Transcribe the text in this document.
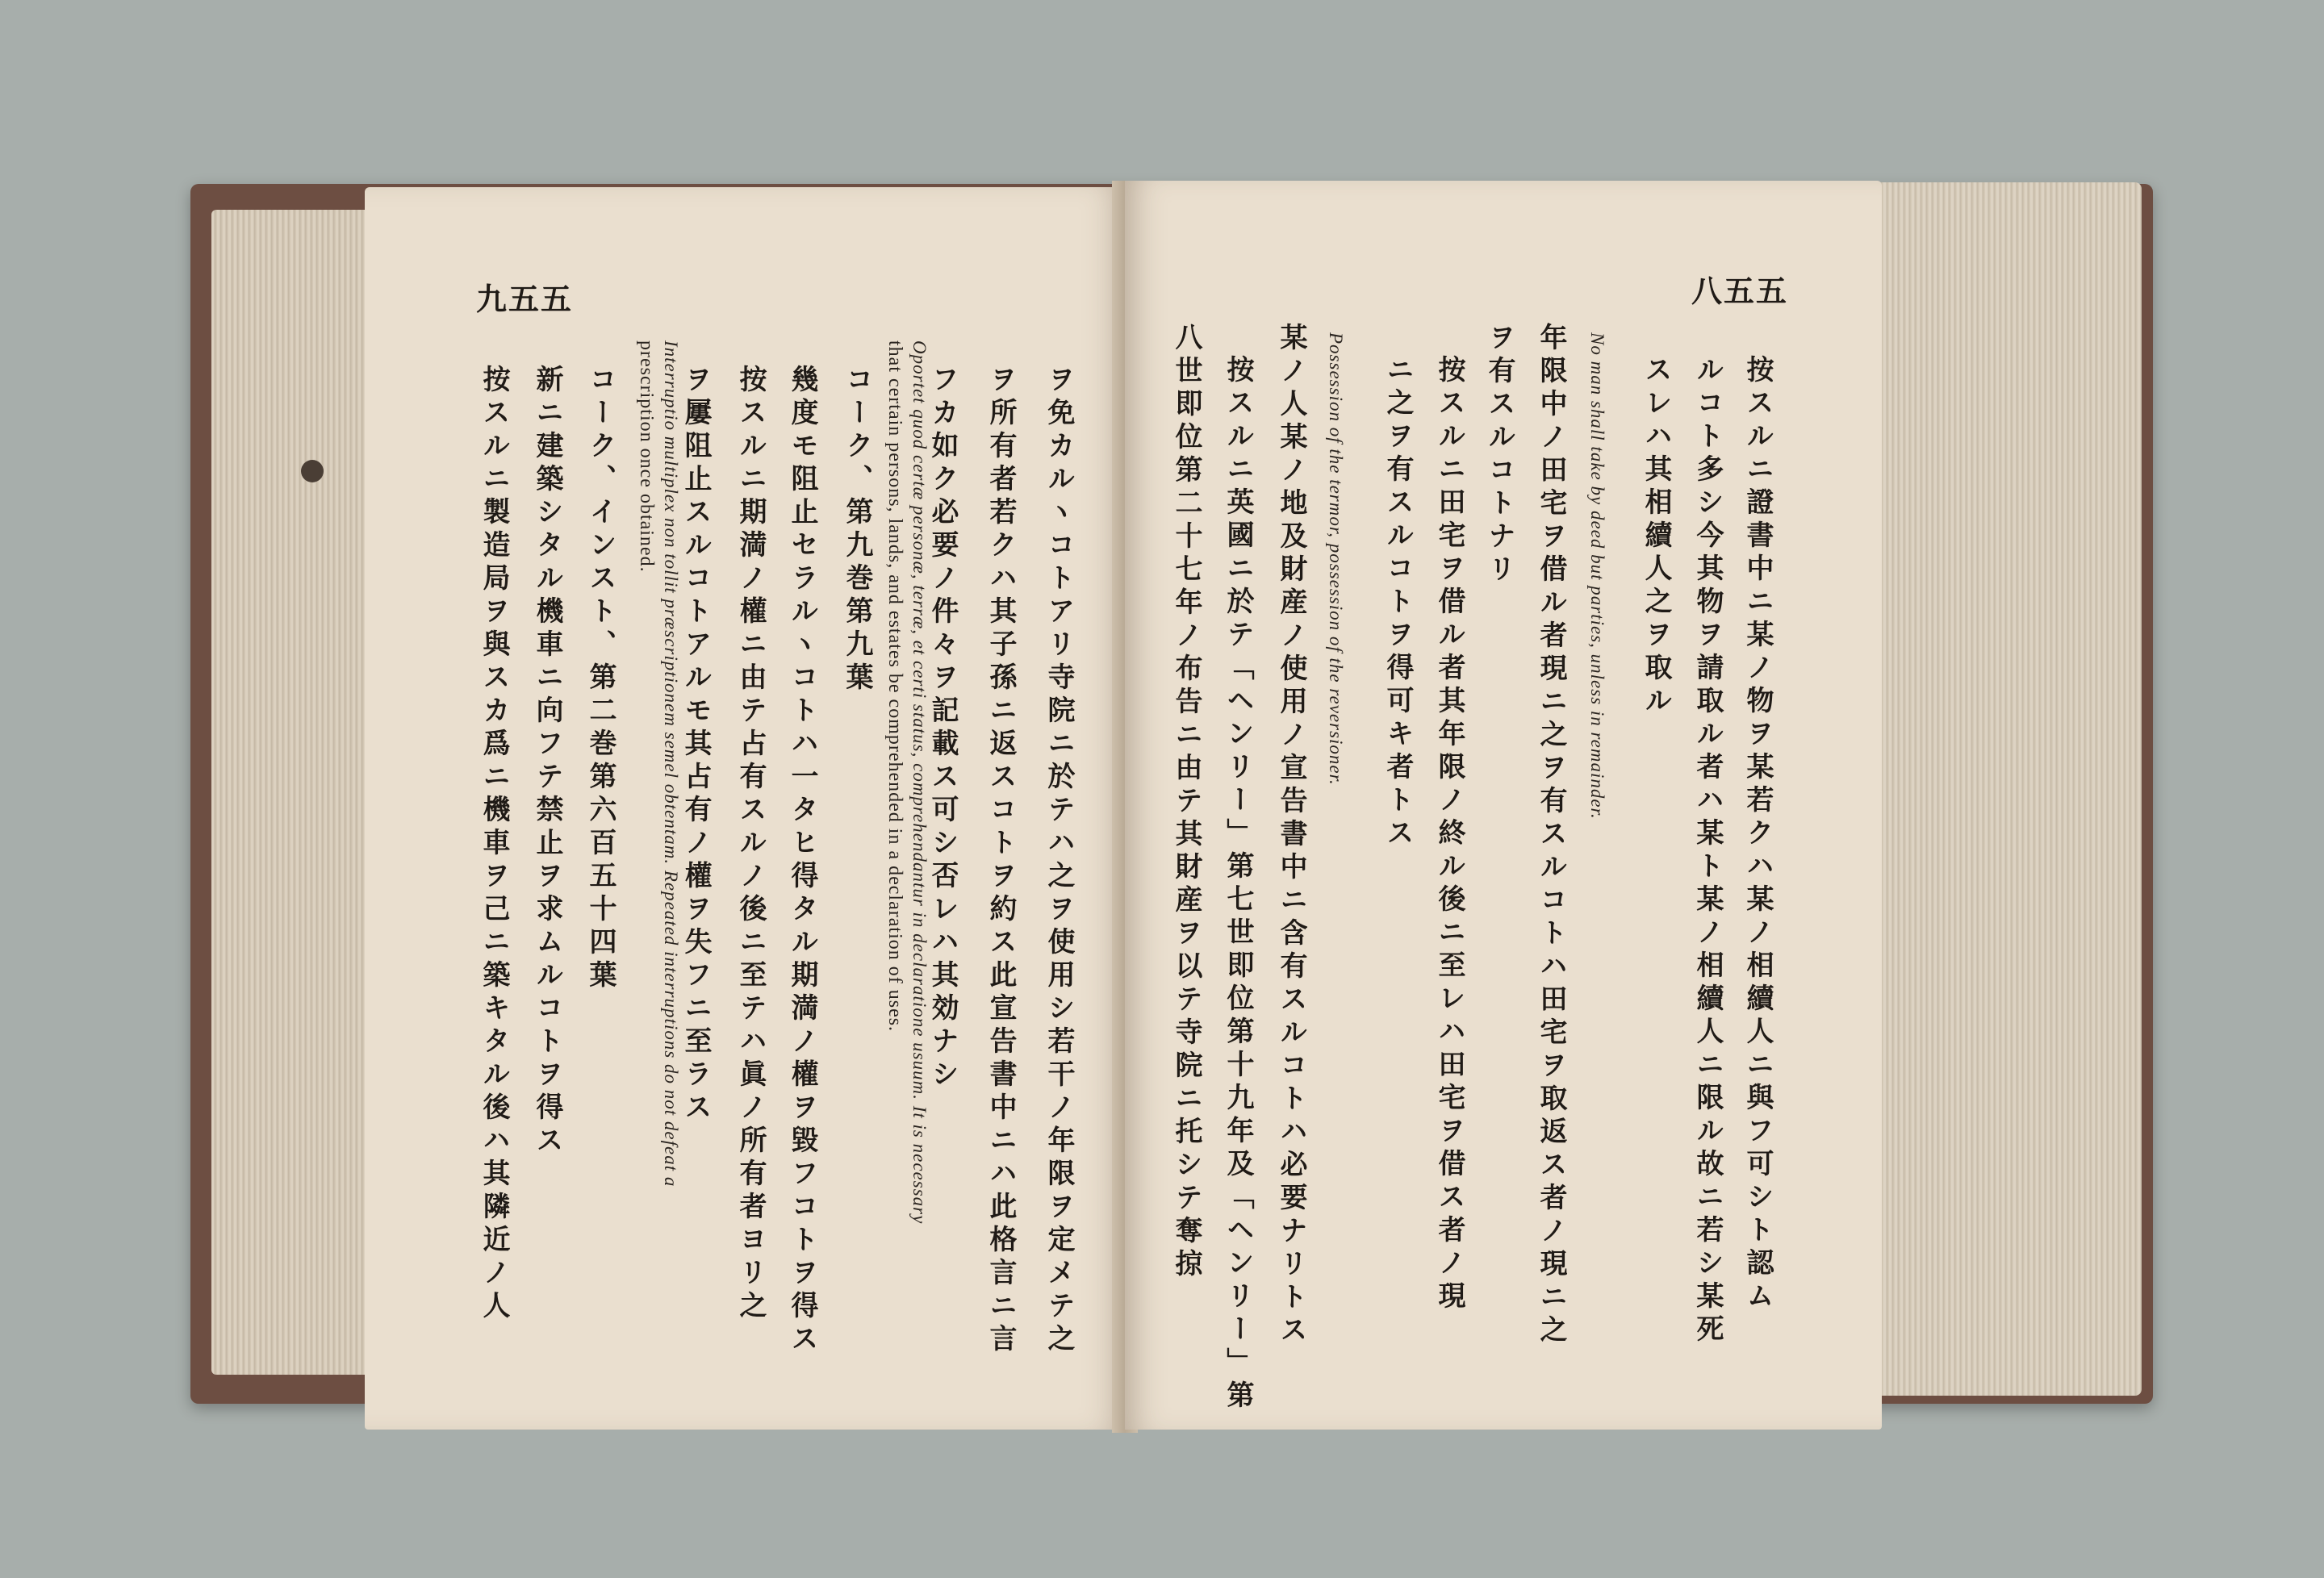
九五五
ヲ免カルヽコトアリ寺院ニ於テハ之ヲ使用シ若干ノ年限ヲ定メテ之
ヲ所有者若クハ其子孫ニ返スコトヲ約ス此宣告書中ニハ此格言ニ言
フカ如ク必要ノ件々ヲ記載ス可シ否レハ其効ナシ
コーク、第九巻第九葉 Oportet quod certæ personæ, terræ, et certi status, comprehendantur in declaratione usuum. It is necessary
that certain persons, lands, and estates be comprehended in a declaration of uses.
幾度モ阻止セラルヽコトハ一タヒ得タル期満ノ權ヲ毀フコトヲ得ス
按スルニ期満ノ權ニ由テ占有スルノ後ニ至テハ眞ノ所有者ヨリ之
ヲ屢阻止スルコトアルモ其占有ノ權ヲ失フニ至ラス
Interruptio multiplex non tollit præscriptionem semel obtentam. Repeated interruptions do not defeat a
prescription once obtained.
コーク、インスト、第二巻第六百五十四葉
新ニ建築シタル機車ニ向フテ禁止ヲ求ムルコトヲ得ス
按スルニ製造局ヲ與スカ爲ニ機車ヲ己ニ築キタル後ハ其隣近ノ人
八五五
按スルニ證書中ニ某ノ物ヲ某若クハ某ノ相續人ニ與フ可シト認ム
ルコト多シ今其物ヲ請取ル者ハ某ト某ノ相續人ニ限ル故ニ若シ某死
スレハ其相續人之ヲ取ル
No man shall take by deed but parties, unless in remainder.
年限中ノ田宅ヲ借ル者現ニ之ヲ有スルコトハ田宅ヲ取返ス者ノ現ニ之
ヲ有スルコトナリ
按スルニ田宅ヲ借ル者其年限ノ終ル後ニ至レハ田宅ヲ借ス者ノ現
ニ之ヲ有スルコトヲ得可キ者トス
Possession of the termor, possession of the reversioner.
某ノ人某ノ地及財産ノ使用ノ宣告書中ニ含有スルコトハ必要ナリトス
按スルニ英國ニ於テ「ヘンリー」第七世即位第十九年及「ヘンリー」第
八世即位第二十七年ノ布告ニ由テ其財産ヲ以テ寺院ニ托シテ奪掠
